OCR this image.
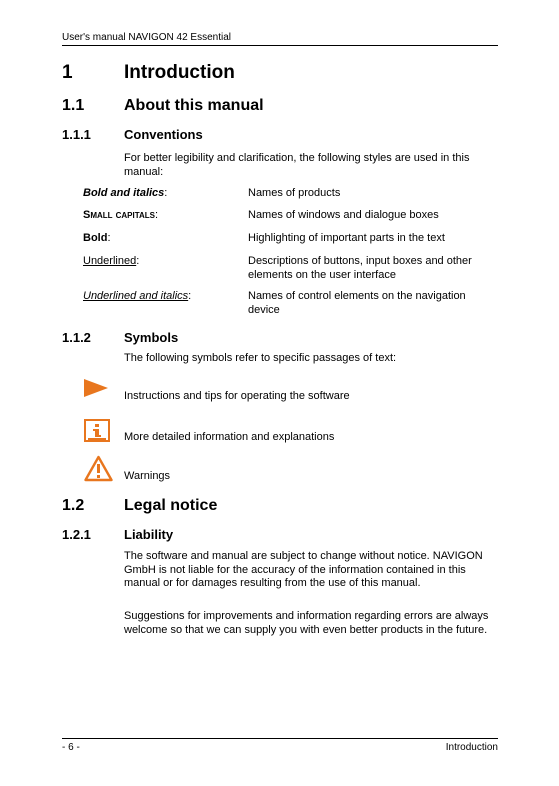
User's manual NAVIGON 42 Essential
1	Introduction
1.1 About this manual
1.1.1	Conventions
For better legibility and clarification, the following styles are used in this manual:
Bold and italics:	Names of products
Small capitals:	Names of windows and dialogue boxes
Bold:	Highlighting of important parts in the text
Underlined:	Descriptions of buttons, input boxes and other elements on the user interface
Underlined and italics:	Names of control elements on the navigation device
1.1.2	Symbols
The following symbols refer to specific passages of text:
Instructions and tips for operating the software
More detailed information and explanations
Warnings
1.2 Legal notice
1.2.1	Liability
The software and manual are subject to change without notice. NAVIGON GmbH is not liable for the accuracy of the information contained in this manual or for damages resulting from the use of this manual.
Suggestions for improvements and information regarding errors are always welcome so that we can supply you with even better products in the future.
- 6 -	Introduction
